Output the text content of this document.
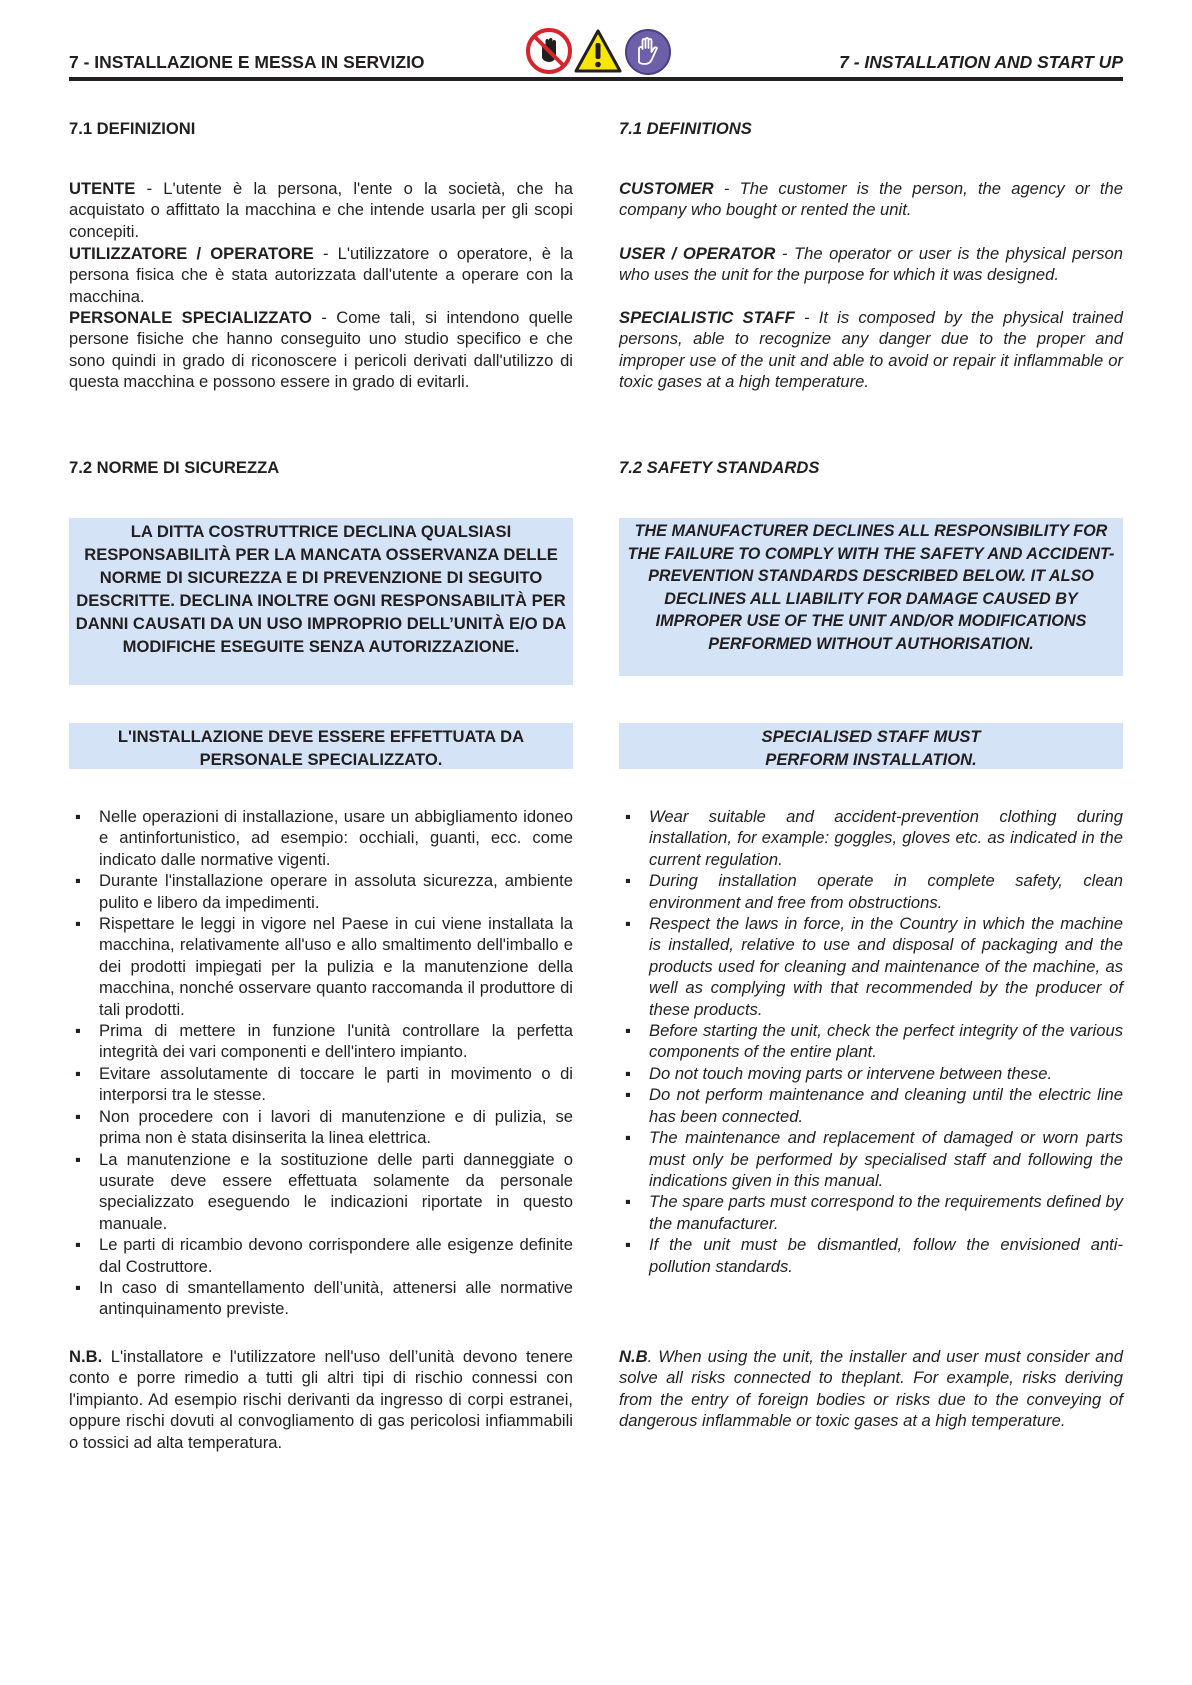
7 - INSTALLAZIONE E MESSA IN SERVIZIO	7 - INSTALLATION AND START UP
7.1 DEFINIZIONI

UTENTE - L'utente è la persona, l'ente o la società, che ha acquistato o affittato la macchina e che intende usarla per gli scopi concepiti.

UTILIZZATORE / OPERATORE - L'utilizzatore o operatore, è la persona fisica che è stata autorizzata dall'utente a operare con la macchina.

PERSONALE SPECIALIZZATO - Come tali, si intendono quelle persone fisiche che hanno conseguito uno studio specifico e che sono quindi in grado di riconoscere i pericoli derivati dall'utilizzo di questa macchina e possono essere in grado di evitarli.

7.2 NORME DI SICUREZZA
LA DITTA COSTRUTTRICE DECLINA QUALSIASI RESPONSABILITÀ PER LA MANCATA OSSERVANZA DELLE NORME DI SICUREZZA E DI PREVENZIONE DI SEGUITO DESCRITTE. DECLINA INOLTRE OGNI RESPONSABILITÀ PER DANNI CAUSATI DA UN USO IMPROPRIO DELL’UNITÀ E/O DA MODIFICHE ESEGUITE SENZA AUTORIZZAZIONE.
L'INSTALLAZIONE DEVE ESSERE EFFETTUATA DA PERSONALE SPECIALIZZATO.
▪ Nelle operazioni di installazione, usare un abbigliamento idoneo e antinfortunistico, ad esempio: occhiali, guanti, ecc. come indicato dalle normative vigenti.
▪ Durante l'installazione operare in assoluta sicurezza, ambiente pulito e libero da impedimenti.
▪ Rispettare le leggi in vigore nel Paese in cui viene installata la macchina, relativamente all'uso e allo smaltimento dell'imballo e dei prodotti impiegati per la pulizia e la manutenzione della macchina, nonché osservare quanto raccomanda il produttore di tali prodotti.
▪ Prima di mettere in funzione l'unità controllare la perfetta integrità dei vari componenti e dell'intero impianto.
▪ Evitare assolutamente di toccare le parti in movimento o di interporsi tra le stesse.
▪ Non procedere con i lavori di manutenzione e di pulizia, se prima non è stata disinserita la linea elettrica.
▪ La manutenzione e la sostituzione delle parti danneggiate o usurate deve essere effettuata solamente da personale specializzato eseguendo le indicazioni riportate in questo manuale.
▪ Le parti di ricambio devono corrispondere alle esigenze definite dal Costruttore.
▪ In caso di smantellamento dell’unità, attenersi alle normative antinquinamento previste.

N.B. L'installatore e l'utilizzatore nell'uso dell’unità devono tenere conto e porre rimedio a tutti gli altri tipi di rischio connessi con l'impianto. Ad esempio rischi derivanti da ingresso di corpi estranei, oppure rischi dovuti al convogliamento di gas pericolosi infiammabili o tossici ad alta temperatura.

7.1 DEFINITIONS

CUSTOMER - The customer is the person, the agency or the company who bought or rented the unit.

USER / OPERATOR - The operator or user is the physical person who uses the unit for the purpose for which it was designed.

SPECIALISTIC STAFF - It is composed by the physical trained persons, able to recognize any danger due to the proper and improper use of the unit and able to avoid or repair it inflammable or toxic gases at a high temperature.

7.2 SAFETY STANDARDS
THE MANUFACTURER DECLINES ALL RESPONSIBILITY FOR THE FAILURE TO COMPLY WITH THE SAFETY AND ACCIDENT-PREVENTION STANDARDS DESCRIBED BELOW. IT ALSO DECLINES ALL LIABILITY FOR DAMAGE CAUSED BY IMPROPER USE OF THE UNIT AND/OR MODIFICATIONS PERFORMED WITHOUT AUTHORISATION.
SPECIALISED STAFF MUST
PERFORM INSTALLATION.
▪ Wear suitable and accident-prevention clothing during installation, for example: goggles, gloves etc. as indicated in the current regulation.
▪ During installation operate in complete safety, clean environment and free from obstructions.
▪ Respect the laws in force, in the Country in which the machine is installed, relative to use and disposal of packaging and the products used for cleaning and maintenance of the machine, as well as complying with that recommended by the producer of these products.
▪ Before starting the unit, check the perfect integrity of the various components of the entire plant.
▪ Do not touch moving parts or intervene between these.
▪ Do not perform maintenance and cleaning until the electric line has been connected.
▪ The maintenance and replacement of damaged or worn parts must only be performed by specialised staff and following the indications given in this manual.
▪ The spare parts must correspond to the requirements defined by the manufacturer.
▪ If the unit must be dismantled, follow the envisioned anti-pollution standards.

N.B. When using the unit, the installer and user must consider and solve all risks connected to theplant. For example, risks deriving from the entry of foreign bodies or risks due to the conveying of dangerous inflammable or toxic gases at a high temperature.
